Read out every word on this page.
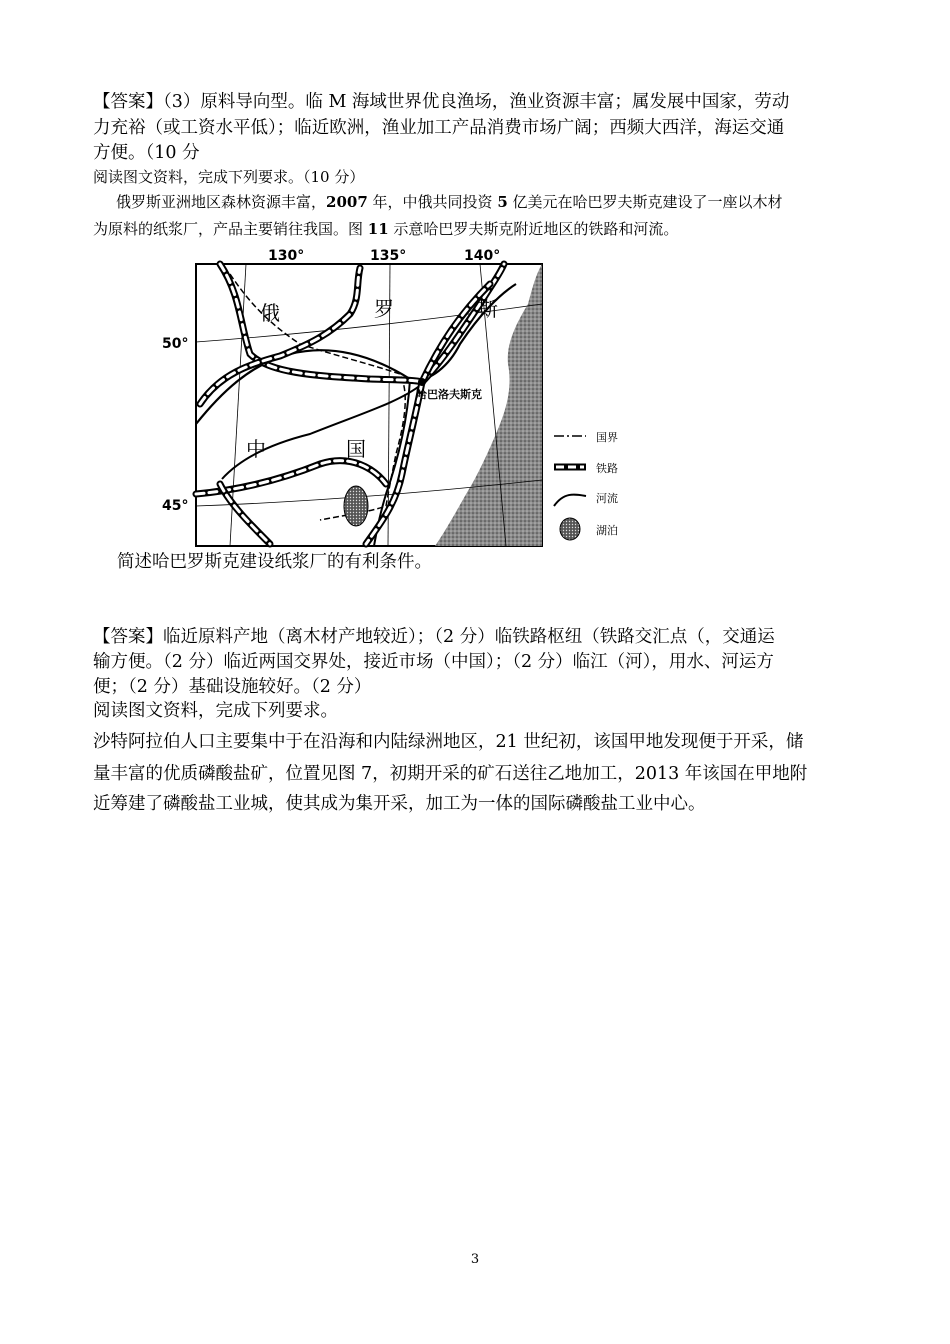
【答案】（3）原料导向型。临 M 海域世界优良渔场，渔业资源丰富；属发展中国家，劳动
力充裕（或工资水平低）；临近欧洲，渔业加工产品消费市场广阔；西频大西洋，海运交通
方便。（10 分
阅读图文资料，完成下列要求。（10 分）
俄罗斯亚洲地区森林资源丰富，2007 年，中俄共同投资 5 亿美元在哈巴罗夫斯克建设了一座以木材
为原料的纸浆厂，产品主要销往我国。图 11 示意哈巴罗夫斯克附近地区的铁路和河流。
130°	135°	140°
50°
45°
俄	罗	斯
中	国
哈巴洛夫斯克
国界
铁路
河流
湖泊
简述哈巴罗斯克建设纸浆厂的有利条件。
【答案】临近原料产地（离木材产地较近）；（2 分）临铁路枢纽（铁路交汇点（，交通运
输方便。（2 分）临近两国交界处，接近市场（中国）；（2 分）临江（河），用水、河运方
便；（2 分）基础设施较好。（2 分）
阅读图文资料，完成下列要求。
沙特阿拉伯人口主要集中于在沿海和内陆绿洲地区，21 世纪初，该国甲地发现便于开采，储
量丰富的优质磷酸盐矿，位置见图 7，初期开采的矿石送往乙地加工，2013 年该国在甲地附
近筹建了磷酸盐工业城，使其成为集开采，加工为一体的国际磷酸盐工业中心。
3
